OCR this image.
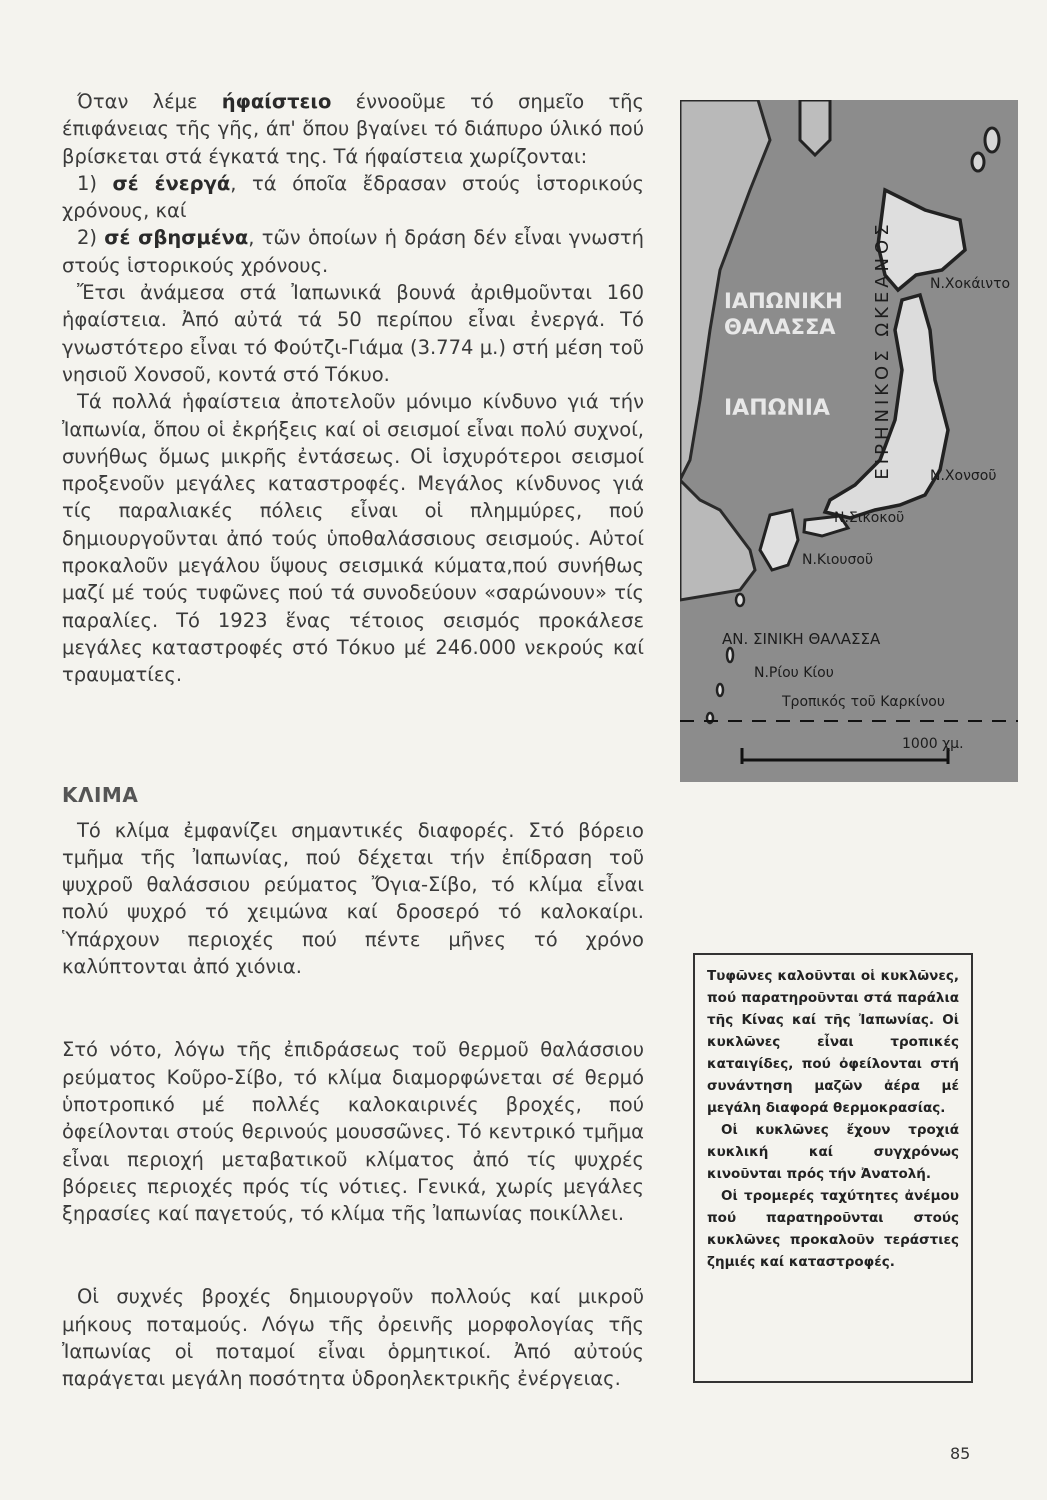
Όταν λέμε ήφαίστειο έννοοῦμε τό σημεῖο τῆς έπιφάνειας τῆς γῆς, άπ' ὅπου βγαίνει τό διάπυρο ύλικό πού βρίσκεται στά έγκατά της. Τά ήφαίστεια χωρίζονται:

1) σέ ένεργά, τά όποῖα ἔδρασαν στούς ἱστορικούς χρόνους, καί

2) σέ σβησμένα, τῶν ὁποίων ἡ δράση δέν εἶναι γνωστή στούς ἱστορικούς χρόνους.

Ἔτσι ἀνάμεσα στά Ἰαπωνικά βουνά ἀριθμοῦνται 160 ἡφαίστεια. Ἀπό αὐτά τά 50 περίπου εἶναι ἐνεργά. Τό γνωστότερο εἶναι τό Φούτζι-Γιάμα (3.774 μ.) στή μέση τοῦ νησιοῦ Χονσοῦ, κοντά στό Τόκυο.

Τά πολλά ἡφαίστεια ἀποτελοῦν μόνιμο κίνδυνο γιά τήν Ἰαπωνία, ὅπου οἱ ἐκρήξεις καί οἱ σεισμοί εἶναι πολύ συχνοί, συνήθως ὅμως μικρῆς ἐντάσεως. Οἱ ἰσχυρότεροι σεισμοί προξενοῦν μεγάλες καταστροφές. Μεγάλος κίνδυνος γιά τίς παραλιακές πόλεις εἶναι οἱ πλημμύρες, πού δημιουργοῦνται ἀπό τούς ὑποθαλάσσιους σεισμούς. Αὐτοί προκαλοῦν μεγάλου ὕψους σεισμικά κύματα,πού συνήθως μαζί μέ τούς τυφῶνες πού τά συνοδεύουν «σαρώνουν» τίς παραλίες. Τό 1923 ἕνας τέτοιος σεισμός προκάλεσε μεγάλες καταστροφές στό Τόκυο μέ 246.000 νεκρούς καί τραυματίες.

ΚΛΙΜΑ

Τό κλίμα ἐμφανίζει σημαντικές διαφορές. Στό βόρειο τμῆμα τῆς Ἰαπωνίας, πού δέχεται τήν ἐπίδραση τοῦ ψυχροῦ θαλάσσιου ρεύματος Ὄγια-Σίβο, τό κλίμα εἶναι πολύ ψυχρό τό χειμώνα καί δροσερό τό καλοκαίρι. Ὑπάρχουν περιοχές πού πέντε μῆνες τό χρόνο καλύπτονται ἀπό χιόνια.

Στό νότο, λόγω τῆς ἐπιδράσεως τοῦ θερμοῦ θαλάσσιου ρεύματος Κοῦρο-Σίβο, τό κλίμα διαμορφώνεται σέ θερμό ὑποτροπικό μέ πολλές καλοκαιρινές βροχές, πού ὀφείλονται στούς θερινούς μουσσῶνες. Τό κεντρικό τμῆμα εἶναι περιοχή μεταβατικοῦ κλίματος ἀπό τίς ψυχρές βόρειες περιοχές πρός τίς νότιες. Γενικά, χωρίς μεγάλες ξηρασίες καί παγετούς, τό κλίμα τῆς Ἰαπωνίας ποικίλλει.

Οἱ συχνές βροχές δημιουργοῦν πολλούς καί μικροῦ μήκους ποταμούς. Λόγω τῆς ὀρεινῆς μορφολογίας τῆς Ἰαπωνίας οἱ ποταμοί εἶναι ὁρμητικοί. Ἀπό αὐτούς παράγεται μεγάλη ποσότητα ὑδροηλεκτρικῆς ἐνέργειας.

ΙΑΠΩΝΙΚΗ
ΘΑΛΑΣΣΑ
ΙΑΠΩΝΙΑ
Ν.Χοκάιντο
Ν.Χονσοῦ
Ν.Σικοκοῦ
Ν.Κιουσοῦ
ΑΝ. ΣΙΝΙΚΗ ΘΑΛΑΣΣΑ
Ν.Ρίου Κίου
Τροπικός τοῦ Καρκίνου
1000 χμ.
ΕΙΡΗΝΙΚΟΣ ΩΚΕΑΝΟΣ

Τυφῶνες καλοῦνται οἱ κυκλῶνες, πού παρατηροῦνται στά παράλια τῆς Κίνας καί τῆς Ἰαπωνίας. Οἱ κυκλῶνες εἶναι τροπικές καταιγίδες, πού ὀφείλονται στή συνάντηση μαζῶν ἀέρα μέ μεγάλη διαφορά θερμοκρασίας.

Οἱ κυκλῶνες ἔχουν τροχιά κυκλική καί συγχρόνως κινοῦνται πρός τήν Ἀνατολή.

Οἱ τρομερές ταχύτητες ἀνέμου πού παρατηροῦνται στούς κυκλῶνες προκαλοῦν τεράστιες ζημιές καί καταστροφές.

85
